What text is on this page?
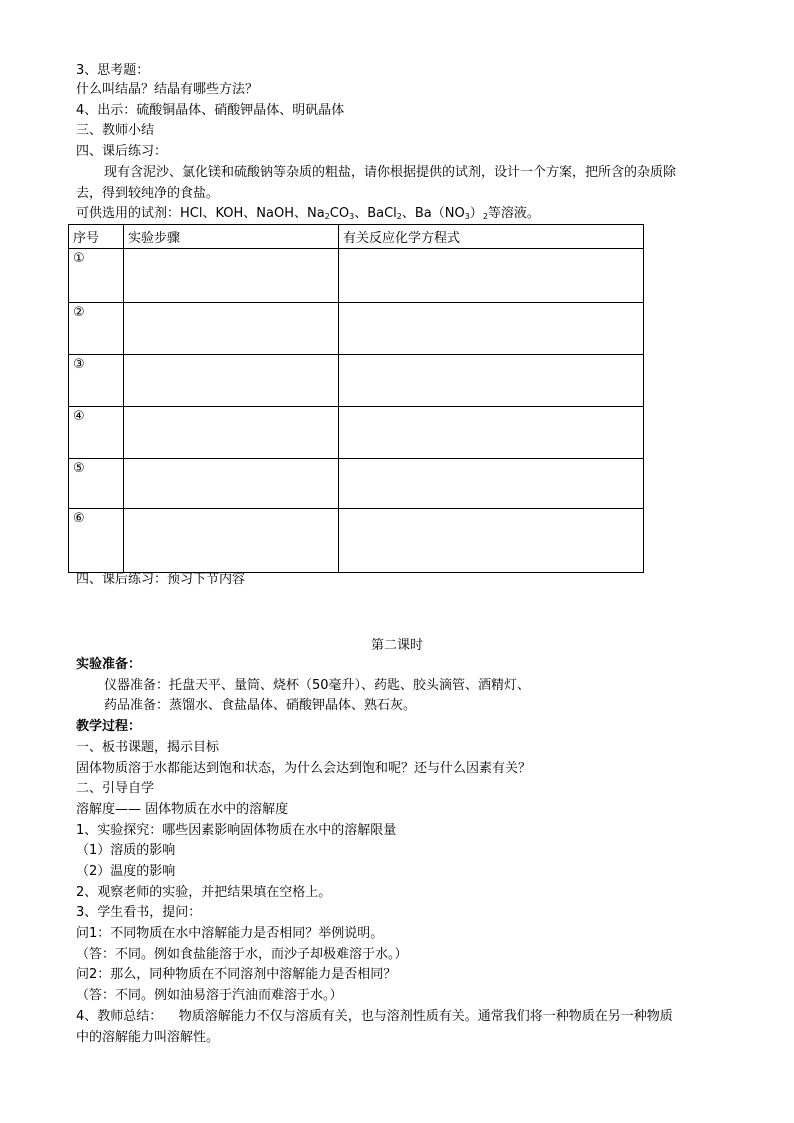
3、思考题：
什么叫结晶？结晶有哪些方法？
4、出示：硫酸铜晶体、硝酸钾晶体、明矾晶体
三、教师小结
四、课后练习：
现有含泥沙、氯化镁和硫酸钠等杂质的粗盐，请你根据提供的试剂，设计一个方案，把所含的杂质除
去，得到较纯净的食盐。
可供选用的试剂：HCl、KOH、NaOH、$Na_2CO_3$、BaCl$_2$、$Ba(NO_3)_2$等溶液。
序号	实验步骤	有关反应化学方程式
①		
②		
③		
④		
⑤		
⑥		
四、课后练习：预习下节内容
第二课时
实验准备：
仪器准备：托盘天平、量筒、烧杯（50毫升）、药匙、胶头滴管、酒精灯、
药品准备：蒸馏水、食盐晶体、硝酸钾晶体、熟石灰。
教学过程：
一、板书课题，揭示目标
固体物质溶于水都能达到饱和状态，为什么会达到饱和呢？还与什么因素有关？
二、引导自学
溶解度—— 固体物质在水中的溶解度
1、实验探究：哪些因素影响固体物质在水中的溶解限量
（1）溶质的影响
（2）温度的影响
2、观察老师的实验，并把结果填在空格上。
3、学生看书，提问：
问1：不同物质在水中溶解能力是否相同？举例说明。
（答：不同。例如食盐能溶于水，而沙子却极难溶于水。）
问2：那么，同种物质在不同溶剂中溶解能力是否相同？
（答：不同。例如油易溶于汽油而难溶于水。）
4、教师总结：    物质溶解能力不仅与溶质有关，也与溶剂性质有关。通常我们将一种物质在另一种物质
中的溶解能力叫溶解性。
